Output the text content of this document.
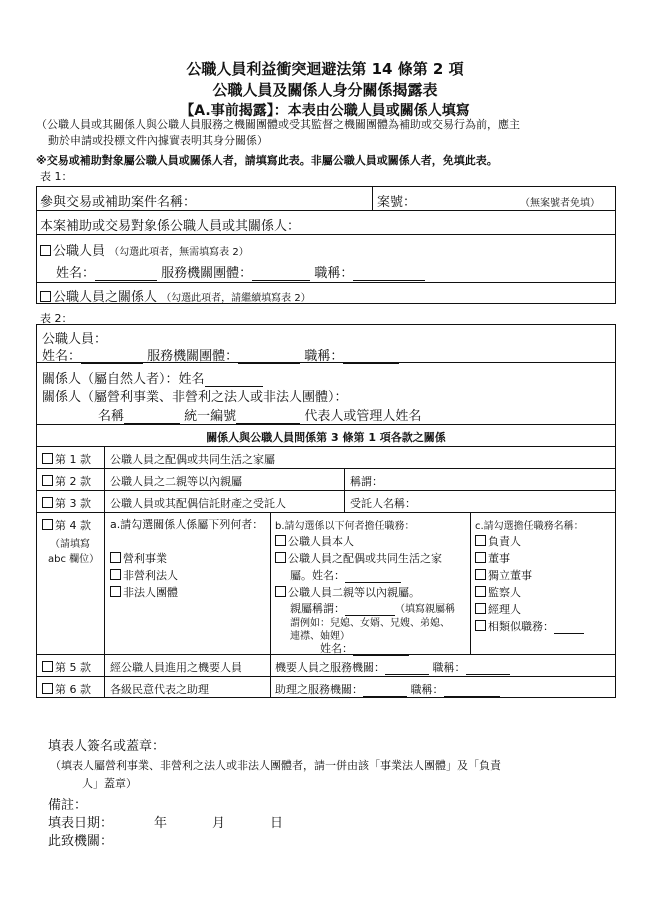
公職人員利益衝突迴避法第 14 條第 2 項
公職人員及關係人身分關係揭露表
【A.事前揭露】：本表由公職人員或關係人填寫
（公職人員或其關係人與公職人員服務之機關團體或受其監督之機關團體為補助或交易行為前，應主
動於申請或投標文件內據實表明其身分關係）
※交易或補助對象屬公職人員或關係人者，請填寫此表。非屬公職人員或關係人者，免填此表。
表 1：
參與交易或補助案件名稱：	案號：	（無案號者免填）
本案補助或交易對象係公職人員或其關係人：
公職人員 （勾選此項者，無需填寫表 2）
姓名：	服務機關團體：	職稱：
公職人員之關係人 （勾選此項者，請繼續填寫表 2）
表 2：
公職人員：
姓名：	服務機關團體：	職稱：
關係人（屬自然人者）：姓名
關係人（屬營利事業、非營利之法人或非法人團體）：
名稱	統一編號	代表人或管理人姓名
關係人與公職人員間係第 3 條第 1 項各款之關係
第 1 款 公職人員之配偶或共同生活之家屬
第 2 款 公職人員之二親等以內親屬	稱謂：
第 3 款 公職人員或其配偶信託財產之受託人	受託人名稱：
第 4 款
（請填寫
abc 欄位）
a.請勾選關係人係屬下列何者：
營利事業
非營利法人
非法人團體
b.請勾選係以下何者擔任職務：
公職人員本人
公職人員之配偶或共同生活之家
屬。姓名：
公職人員二親等以內親屬。
親屬稱謂：	（填寫親屬稱
謂例如：兒媳、女婿、兄嫂、弟媳、
連襟、妯娌）
姓名：
c.請勾選擔任職務名稱：
負責人
董事
獨立董事
監察人
經理人
相類似職務：
第 5 款 經公職人員進用之機要人員	機要人員之服務機關：	職稱：
第 6 款 各級民意代表之助理	助理之服務機關：	職稱：
填表人簽名或蓋章：
（填表人屬營利事業、非營利之法人或非法人團體者，請一併由該「事業法人團體」及「負責
人」蓋章）
備註：
填表日期：	年	月	日
此致機關：
